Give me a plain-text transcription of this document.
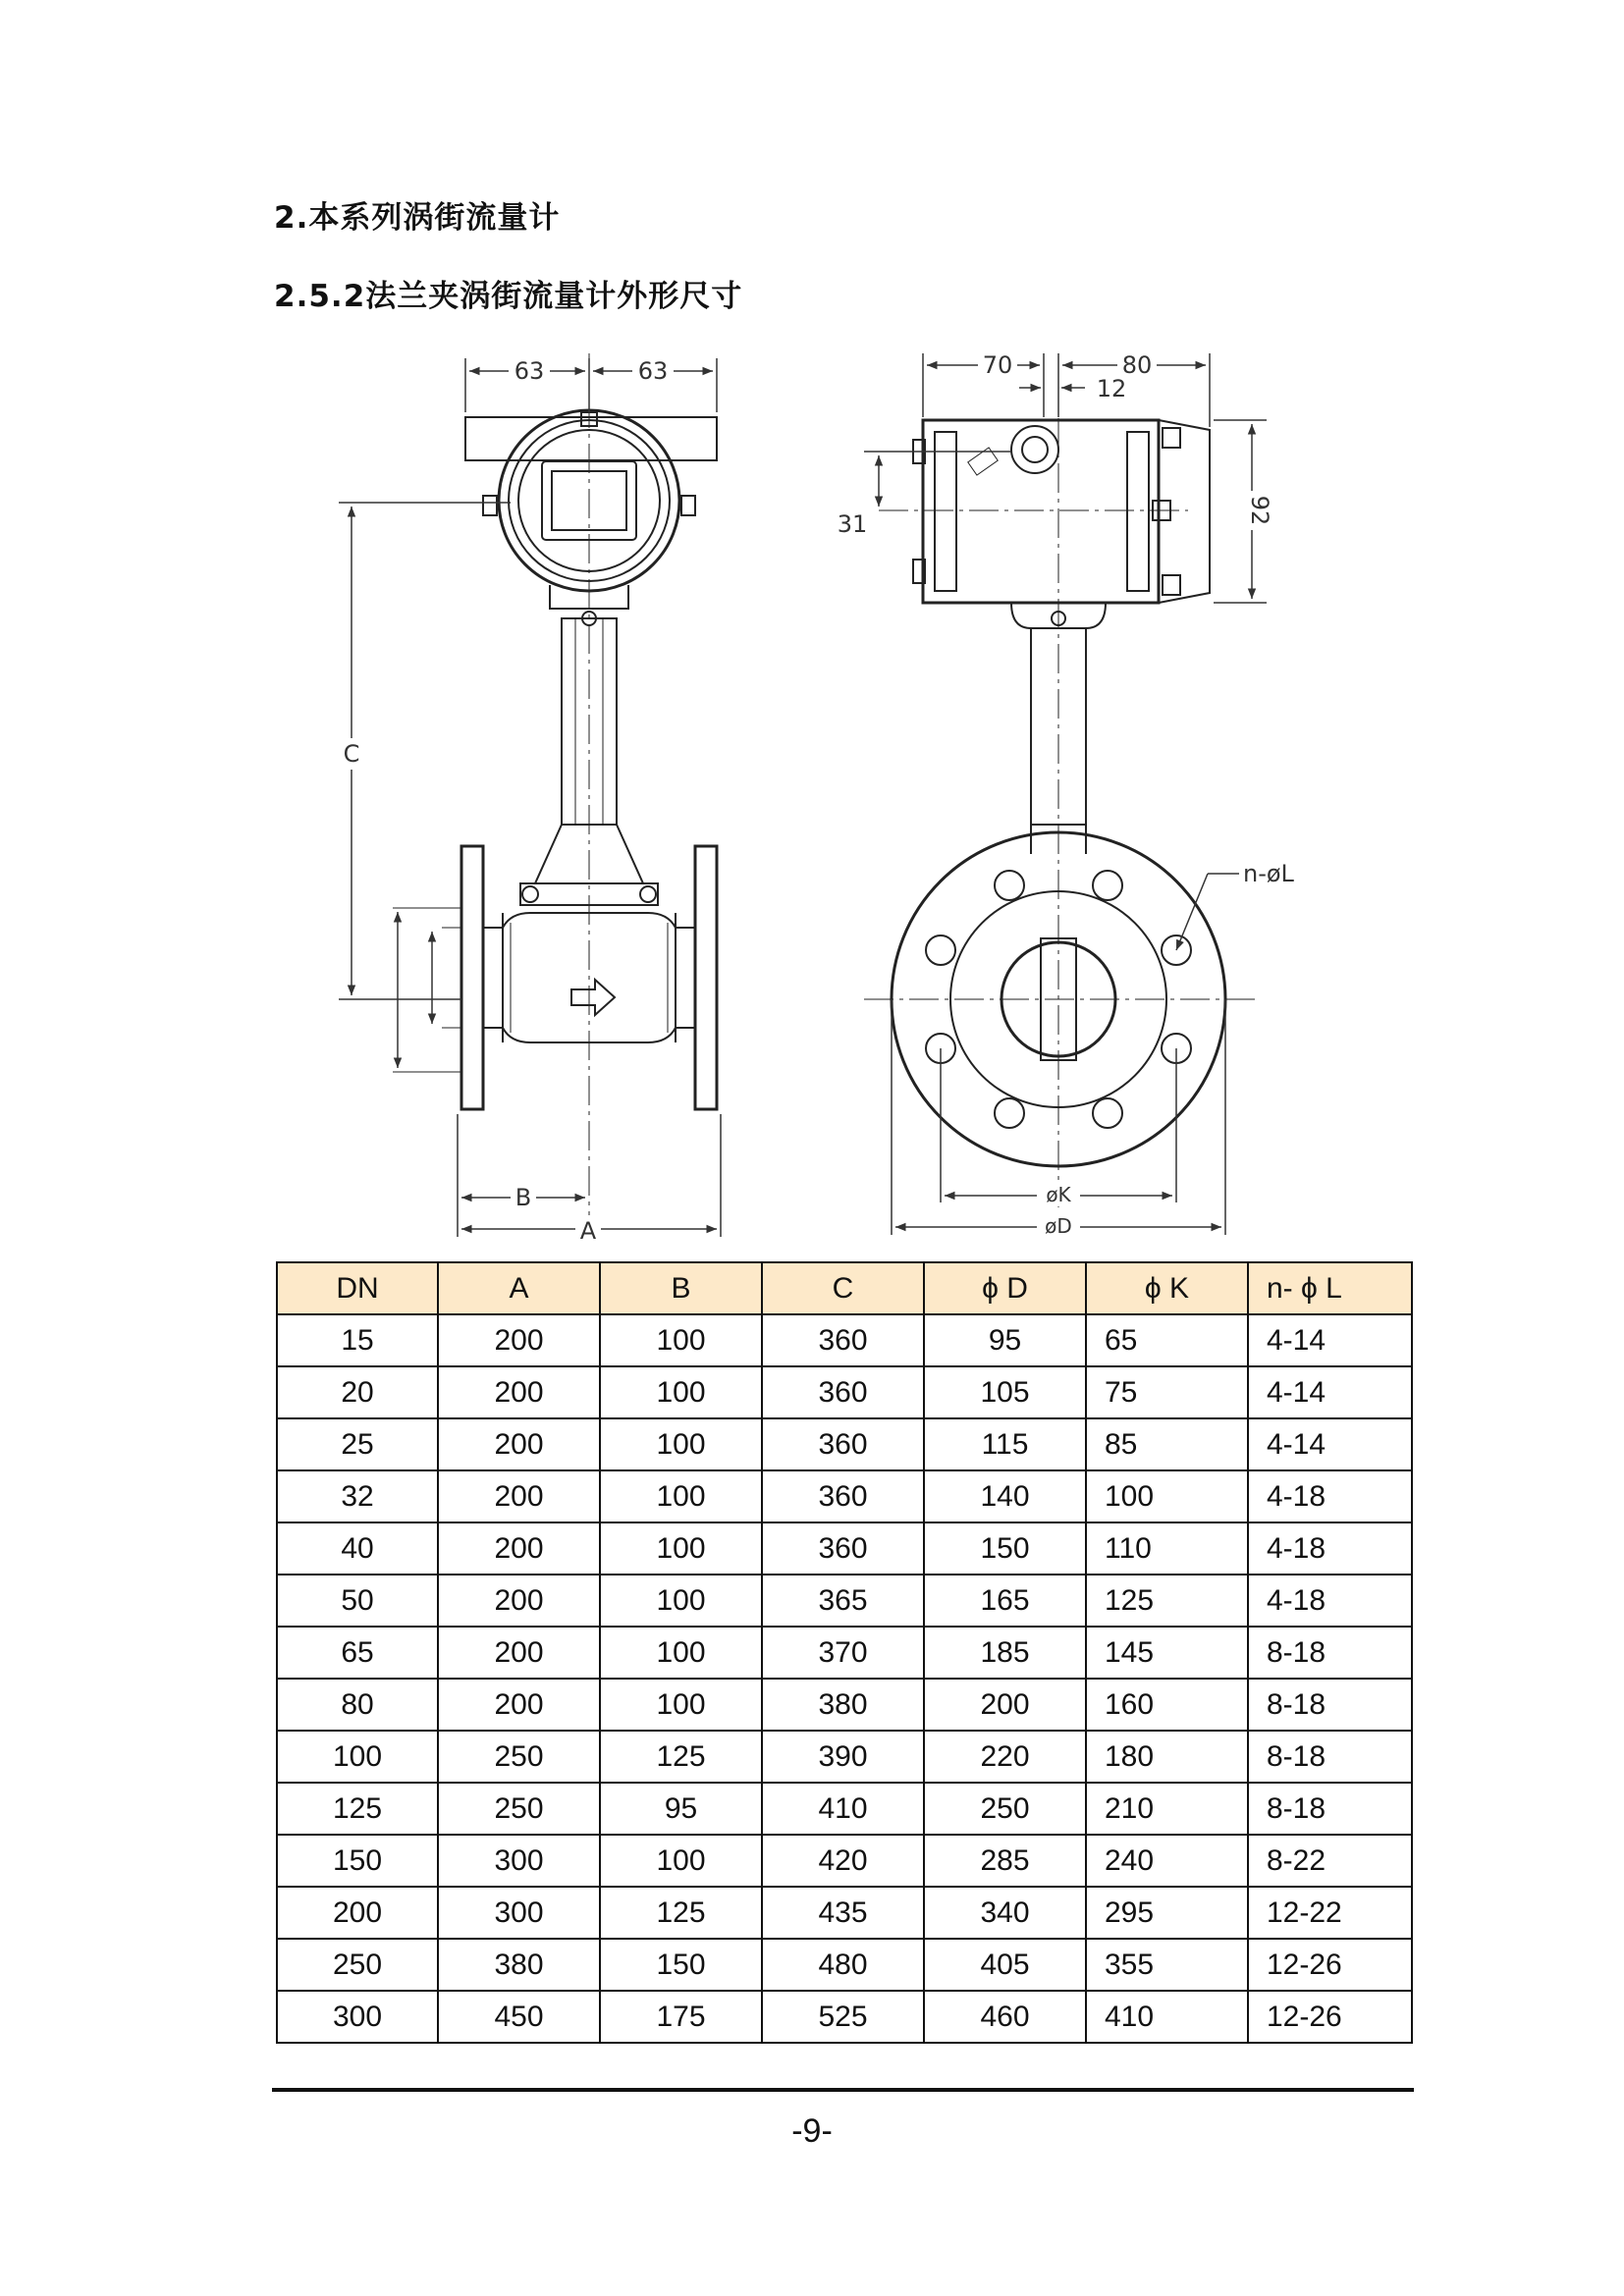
2.本系列涡街流量计
2.5.2法兰夹涡街流量计外形尺寸
63	63
C
B
A
70	80
12
31	92
n-øL
øK
øD
DN	A	B	C	ϕ D	ϕ K	n- ϕ L
15	200	100	360	95	65	4-14
20	200	100	360	105	75	4-14
25	200	100	360	115	85	4-14
32	200	100	360	140	100	4-18
40	200	100	360	150	110	4-18
50	200	100	365	165	125	4-18
65	200	100	370	185	145	8-18
80	200	100	380	200	160	8-18
100	250	125	390	220	180	8-18
125	250	95	410	250	210	8-18
150	300	100	420	285	240	8-22
200	300	125	435	340	295	12-22
250	380	150	480	405	355	12-26
300	450	175	525	460	410	12-26
-9-
